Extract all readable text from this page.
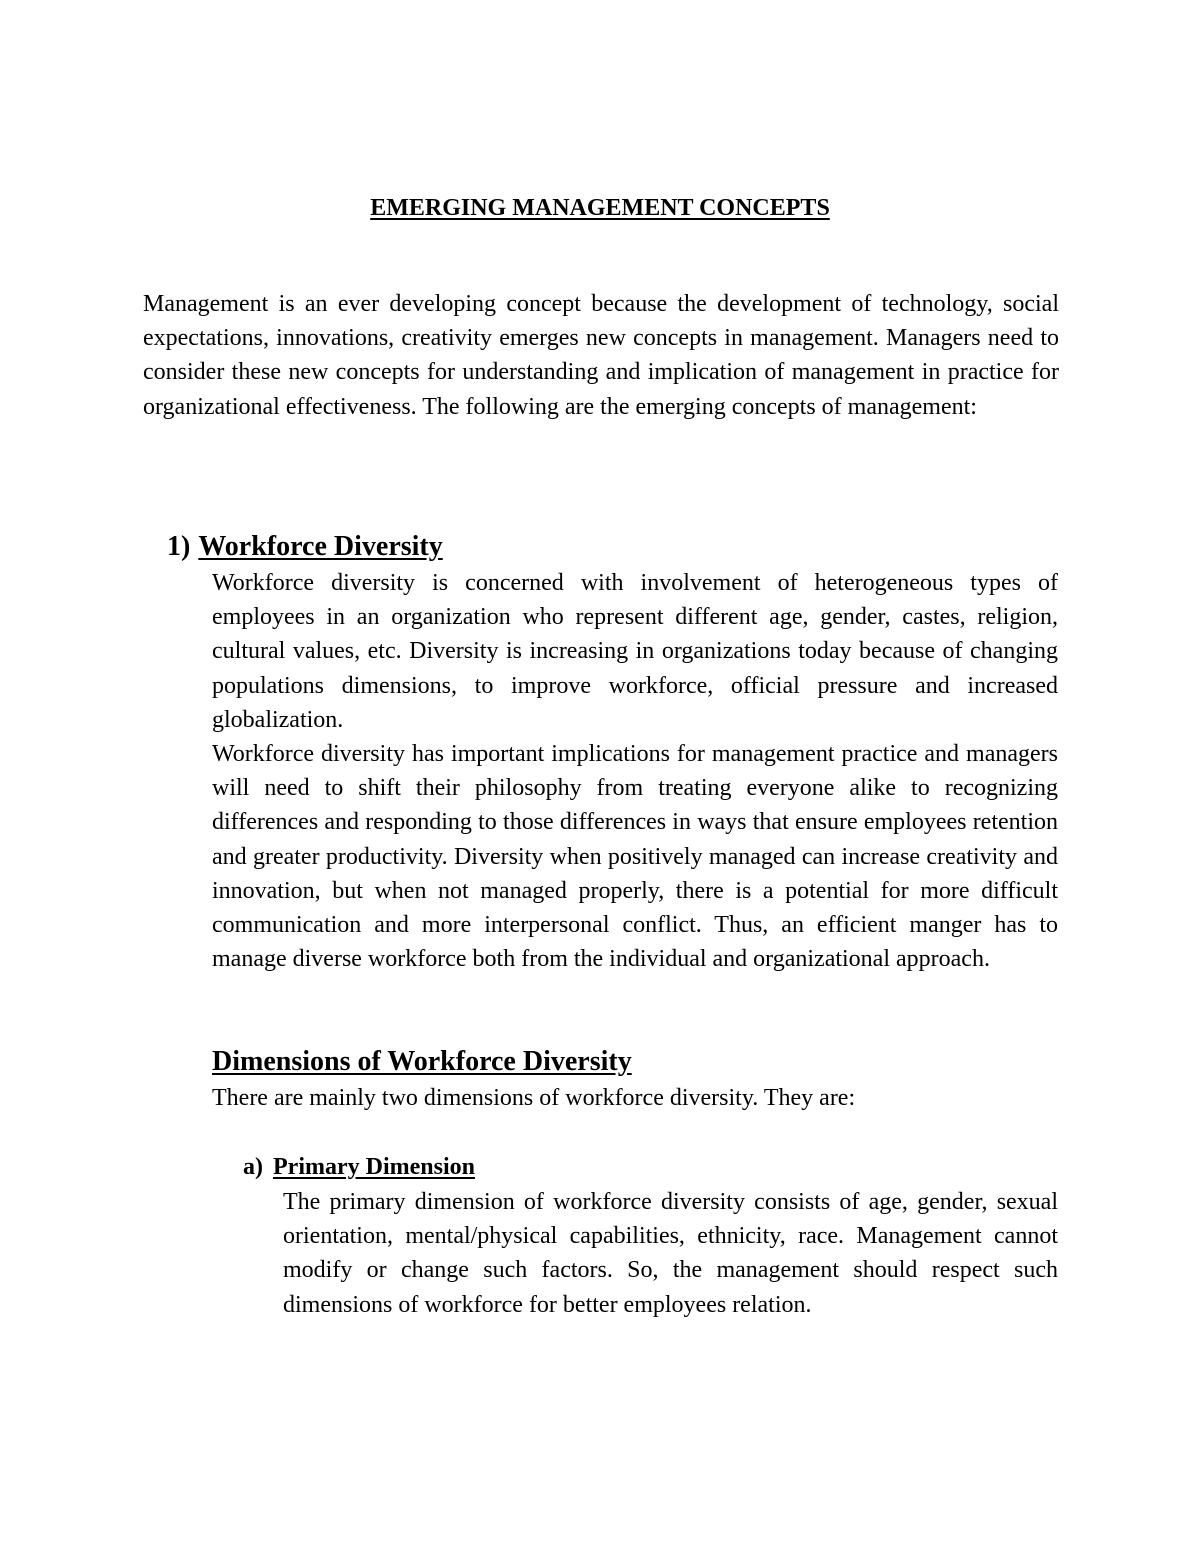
EMERGING MANAGEMENT CONCEPTS

Management is an ever developing concept because the development of technology, social expectations, innovations, creativity emerges new concepts in management. Managers need to consider these new concepts for understanding and implication of management in practice for organizational effectiveness. The following are the emerging concepts of management:

1) Workforce Diversity

Workforce diversity is concerned with involvement of heterogeneous types of employees in an organization who represent different age, gender, castes, religion, cultural values, etc. Diversity is increasing in organizations today because of changing populations dimensions, to improve workforce, official pressure and increased globalization.

Workforce diversity has important implications for management practice and managers will need to shift their philosophy from treating everyone alike to recognizing differences and responding to those differences in ways that ensure employees retention and greater productivity. Diversity when positively managed can increase creativity and innovation, but when not managed properly, there is a potential for more difficult communication and more interpersonal conflict. Thus, an efficient manger has to manage diverse workforce both from the individual and organizational approach.

Dimensions of Workforce Diversity

There are mainly two dimensions of workforce diversity. They are:

a) Primary Dimension

The primary dimension of workforce diversity consists of age, gender, sexual orientation, mental/physical capabilities, ethnicity, race. Management cannot modify or change such factors. So, the management should respect such dimensions of workforce for better employees relation.
